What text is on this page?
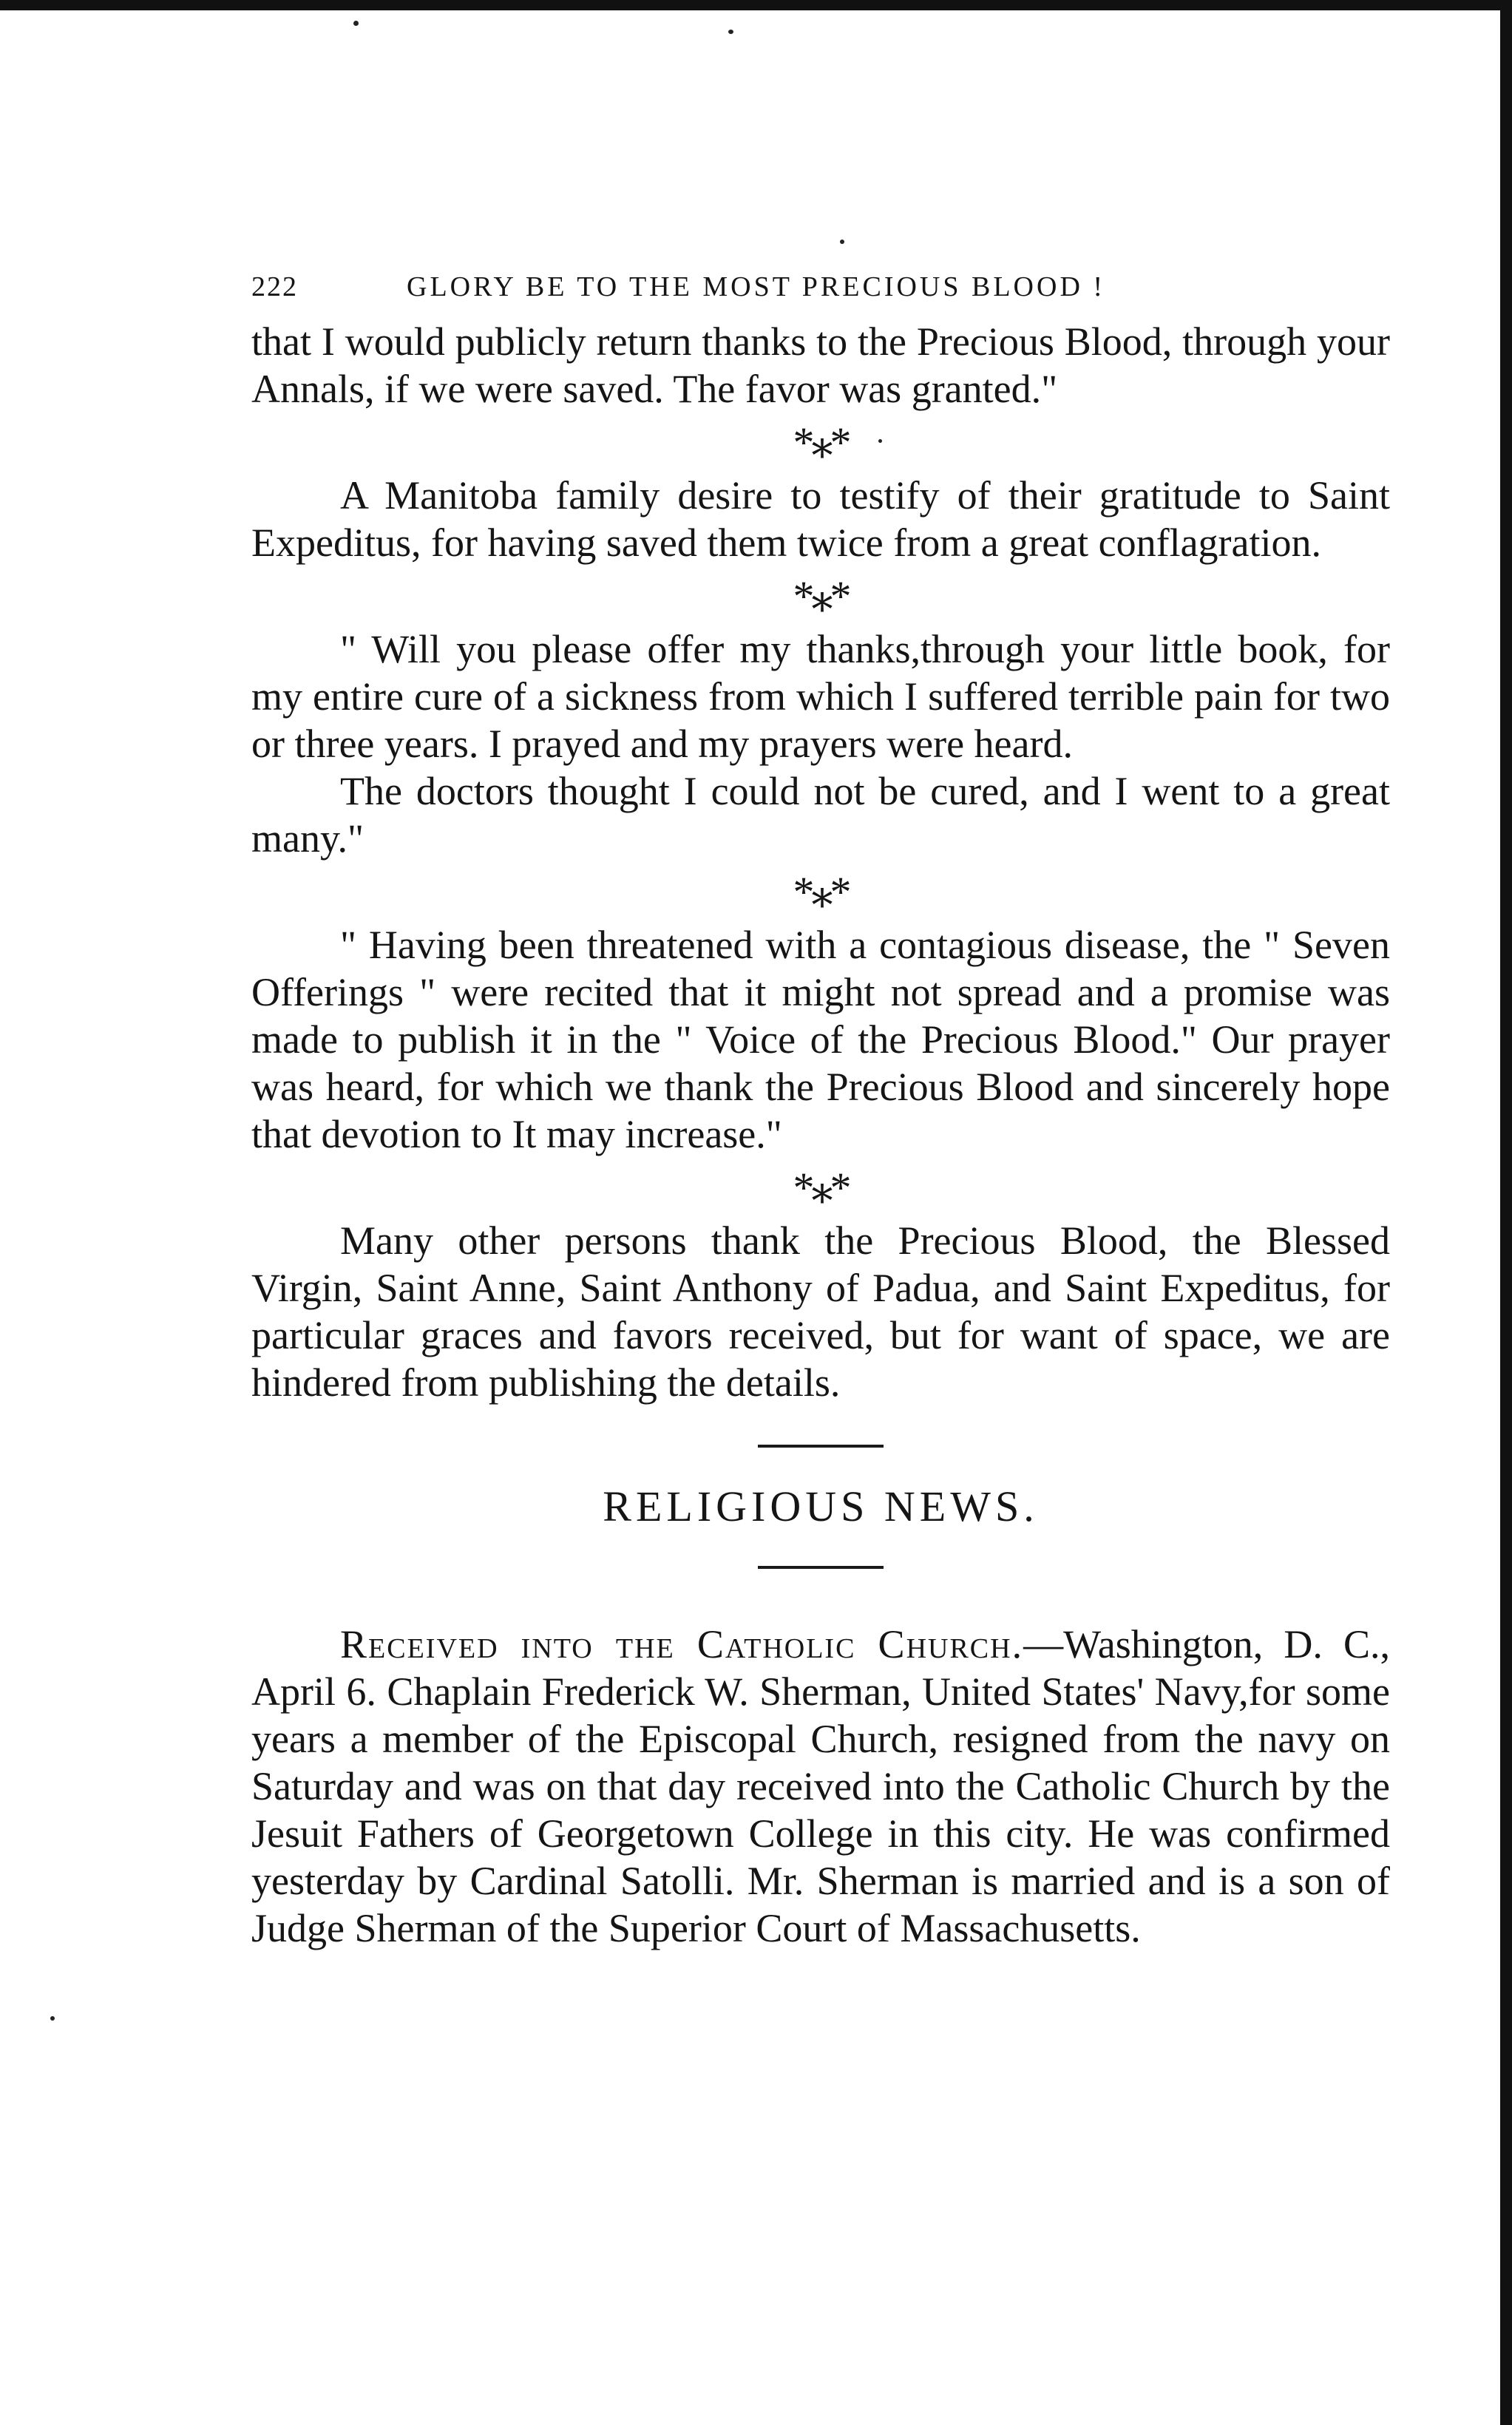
222	GLORY BE TO THE MOST PRECIOUS BLOOD !

that I would publicly return thanks to the Precious Blood, through your Annals, if we were saved. The favor was granted."

*⁎*

A Manitoba family desire to testify of their gratitude to Saint Expeditus, for having saved them twice from a great conflagration.

*⁎*

" Will you please offer my thanks,through your little book, for my entire cure of a sickness from which I suffered terrible pain for two or three years. I prayed and my prayers were heard.

The doctors thought I could not be cured, and I went to a great many."

*⁎*

" Having been threatened with a contagious disease, the " Seven Offerings " were recited that it might not spread and a promise was made to publish it in the " Voice of the Precious Blood." Our prayer was heard, for which we thank the Precious Blood and sincerely hope that devotion to It may increase."

*⁎*

Many other persons thank the Precious Blood, the Blessed Virgin, Saint Anne, Saint Anthony of Padua, and Saint Expeditus, for particular graces and favors received, but for want of space, we are hindered from publishing the details.

RELIGIOUS NEWS.

Received into the Catholic Church.—Washington, D. C., April 6. Chaplain Frederick W. Sherman, United States' Navy,for some years a member of the Episcopal Church, resigned from the navy on Saturday and was on that day received into the Catholic Church by the Jesuit Fathers of Georgetown College in this city. He was confirmed yesterday by Cardinal Satolli. Mr. Sherman is married and is a son of Judge Sherman of the Superior Court of Massachusetts.
